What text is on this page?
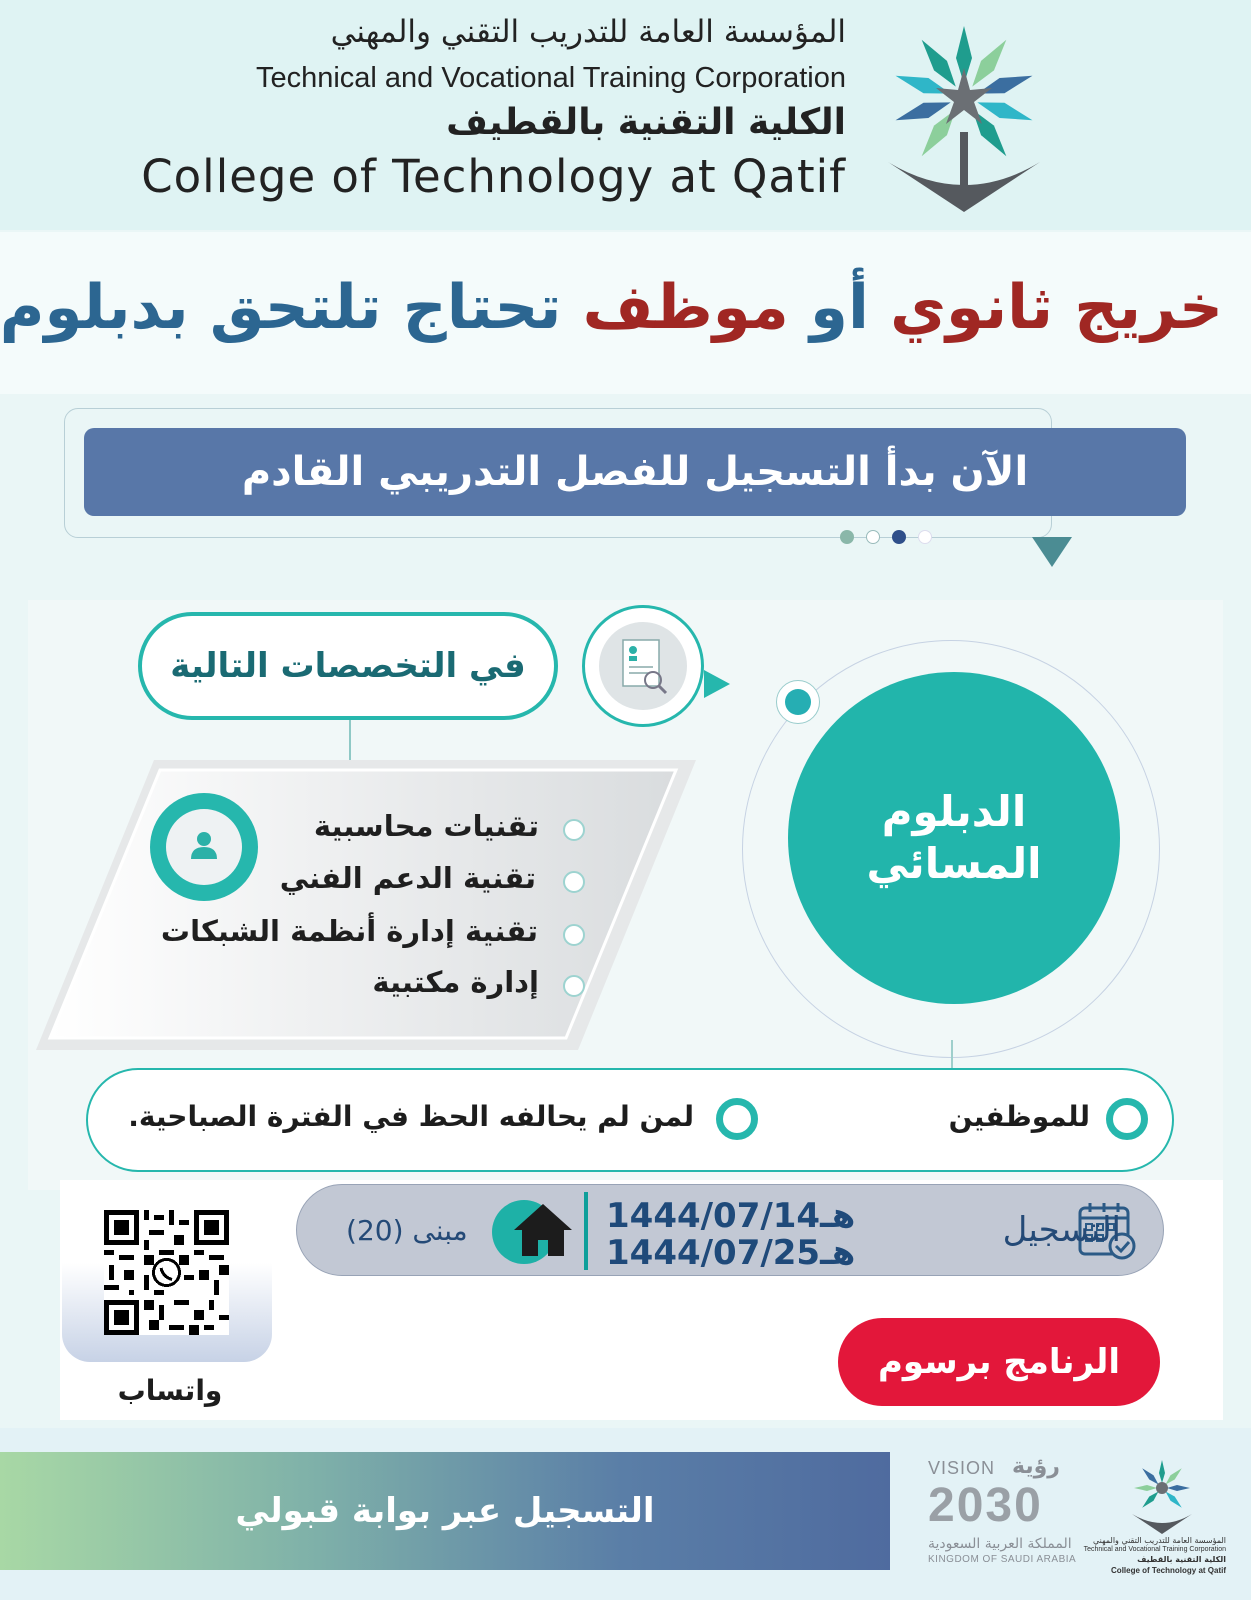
المؤسسة العامة للتدريب التقني والمهني
Technical and Vocational Training Corporation
الكلية التقنية بالقطيف
College of Technology at Qatif
خريج ثانوي أو موظف تحتاج تلتحق بدبلوم
الآن بدأ التسجيل للفصل التدريبي القادم
في التخصصات التالية
تقنيات محاسبية
تقنية الدعم الفني
تقنية إدارة أنظمة الشبكات
إدارة مكتبية
الدبلوم
المسائي
للموظفين
لمن لم يحالفه الحظ في الفترة الصباحية.
واتساب
التسجيل
1444/07/14هـ
1444/07/25هـ
مبنى (20)
الرنامج برسوم
التسجيل عبر بوابة قبولي
VISION رؤية
2030
المملكة العربية السعودية
KINGDOM OF SAUDI ARABIA
المؤسسة العامة للتدريب التقني والمهني
Technical and Vocational Training Corporation
الكلية التقنية بالقطيف
College of Technology at Qatif
